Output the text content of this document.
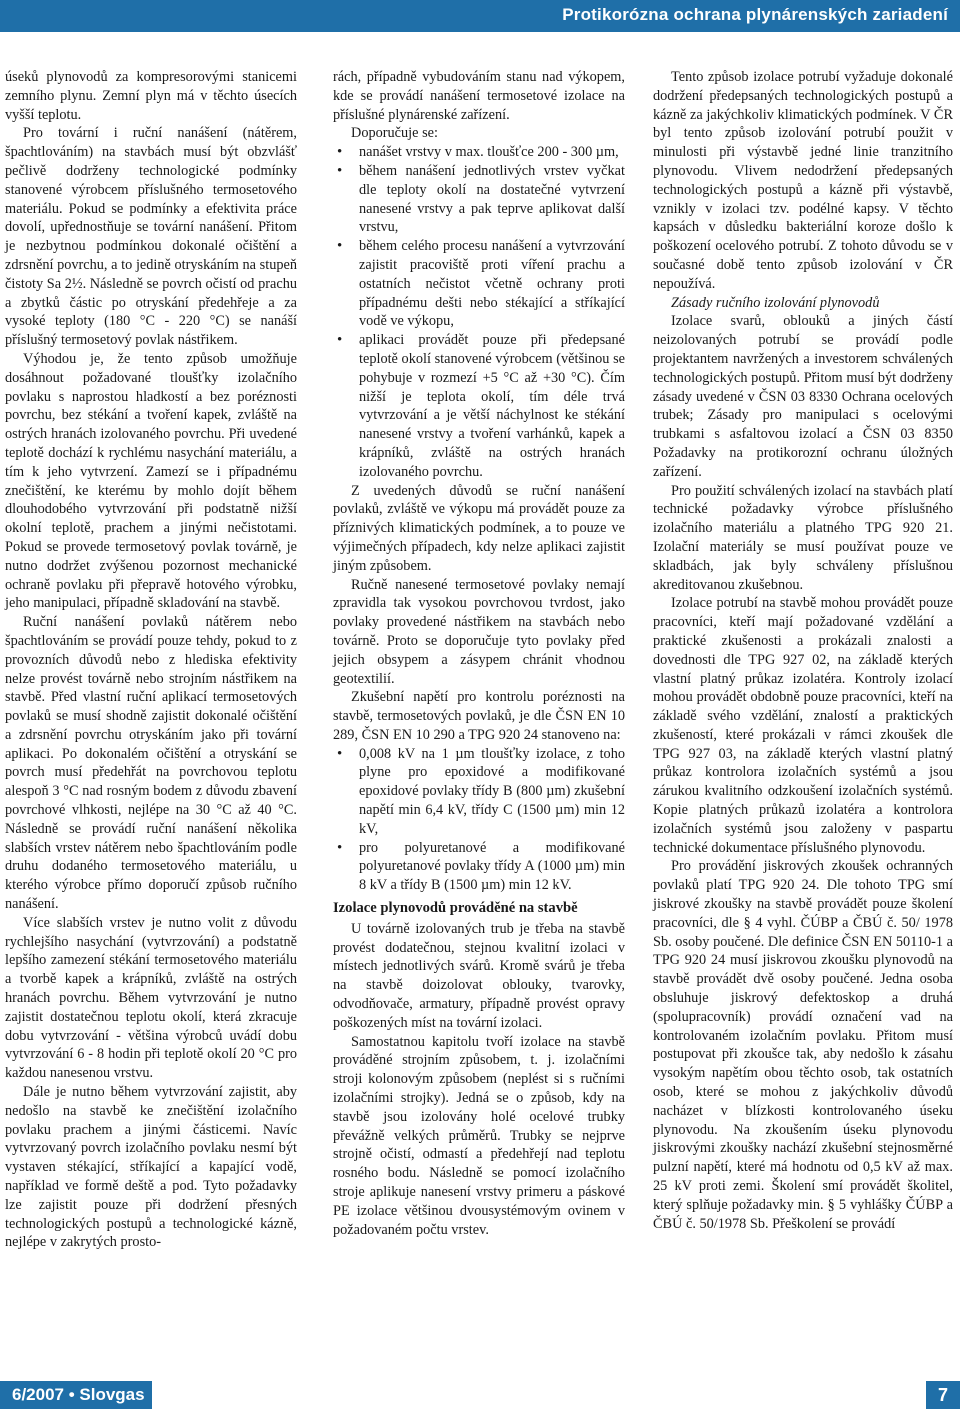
Protikorózna ochrana plynárenských zariadení

úseků plynovodů za kompresorovými stanicemi zemního plynu. Zemní plyn má v těchto úsecích vyšší teplotu.

Pro tovární i ruční nanášení (nátěrem, špachtlováním) na stavbách musí být obzvlášť pečlivě dodrženy technologické podmínky stanovené výrobcem příslušného termosetového materiálu. Pokud se podmínky a efektivita práce dovolí, upřednostňuje se tovární nanášení. Přitom je nezbytnou podmínkou dokonalé očištění a zdrsnění povrchu, a to jedině otryskáním na stupeň čistoty Sa 2½. Následně se povrch očistí od prachu a zbytků částic po otryskání předehřeje a za vysoké teploty (180 °C - 220 °C) se nanáší příslušný termosetový povlak nástřikem.

Výhodou je, že tento způsob umožňuje dosáhnout požadované tloušťky izolačního povlaku s naprostou hladkostí a bez poréznosti povrchu, bez stékání a tvoření kapek, zvláště na ostrých hranách izolovaného povrchu. Při uvedené teplotě dochází k rychlému nasychání materiálu, a tím k jeho vytvrzení. Zamezí se i případnému znečištění, ke kterému by mohlo dojít během dlouhodobého vytvrzování při podstatně nižší okolní teplotě, prachem a jinými nečistotami. Pokud se provede termosetový povlak továrně, je nutno dodržet zvýšenou pozornost mechanické ochraně povlaku při přepravě hotového výrobku, jeho manipulaci, případně skladování na stavbě.

Ruční nanášení povlaků nátěrem nebo špachtlováním se provádí pouze tehdy, pokud to z provozních důvodů nebo z hlediska efektivity nelze provést továrně nebo strojním nástřikem na stavbě. Před vlastní ruční aplikací termosetových povlaků se musí shodně zajistit dokonalé očištění a zdrsnění povrchu otryskáním jako při tovární aplikaci. Po dokonalém očištění a otryskání se povrch musí předehřát na povrchovou teplotu alespoň 3 °C nad rosným bodem z důvodu zbavení povrchové vlhkosti, nejlépe na 30 °C až 40 °C. Následně se provádí ruční nanášení několika slabších vrstev nátěrem nebo špachtlováním podle druhu dodaného termosetového materiálu, u kterého výrobce přímo doporučí způsob ručního nanášení.

Více slabších vrstev je nutno volit z důvodu rychlejšího nasychání (vytvrzování) a podstatně lepšího zamezení stékání termosetového materiálu a tvorbě kapek a krápníků, zvláště na ostrých hranách povrchu. Během vytvrzování je nutno zajistit dostatečnou teplotu okolí, která zkracuje dobu vytvrzování - většina výrobců uvádí dobu vytvrzování 6 - 8 hodin při teplotě okolí 20 °C pro každou nanesenou vrstvu.

Dále je nutno během vytvrzování zajistit, aby nedošlo na stavbě ke znečištění izolačního povlaku prachem a jinými částicemi. Navíc vytvrzovaný povrch izolačního povlaku nesmí být vystaven stékající, stříkající a kapající vodě, například ve formě deště a pod. Tyto požadavky lze zajistit pouze při dodržení přesných technologických postupů a technologické kázně, nejlépe v zakrytých prosto-

rách, případně vybudováním stanu nad výkopem, kde se provádí nanášení termosetové izolace na příslušné plynárenské zařízení.

Doporučuje se:

• nanášet vrstvy v max. tloušťce 200 - 300 µm,
• během nanášení jednotlivých vrstev vyčkat dle teploty okolí na dostatečné vytvrzení nanesené vrstvy a pak teprve aplikovat další vrstvu,
• během celého procesu nanášení a vytvrzování zajistit pracoviště proti víření prachu a ostatních nečistot včetně ochrany proti případnému dešti nebo stékající a stříkající vodě ve výkopu,
• aplikaci provádět pouze při předepsané teplotě okolí stanovené výrobcem (většinou se pohybuje v rozmezí +5 °C až +30 °C). Čím nižší je teplota okolí, tím déle trvá vytvrzování a je větší náchylnost ke stékání nanesené vrstvy a tvoření varhánků, kapek a krápníků, zvláště na ostrých hranách izolovaného povrchu.

Z uvedených důvodů se ruční nanášení povlaků, zvláště ve výkopu má provádět pouze za příznivých klimatických podmínek, a to pouze ve výjimečných případech, kdy nelze aplikaci zajistit jiným způsobem.

Ručně nanesené termosetové povlaky nemají zpravidla tak vysokou povrchovou tvrdost, jako povlaky provedené nástřikem na stavbách nebo továrně. Proto se doporučuje tyto povlaky před jejich obsypem a zásypem chránit vhodnou geotextilií.

Zkušební napětí pro kontrolu poréznosti na stavbě, termosetových povlaků, je dle ČSN EN 10 289, ČSN EN 10 290 a TPG 920 24 stanoveno na:

• 0,008 kV na 1 µm tloušťky izolace, z toho plyne pro epoxidové a modifikované epoxidové povlaky třídy B (800 µm) zkušební napětí min 6,4 kV, třídy C (1500 µm) min 12 kV,
• pro polyuretanové a modifikované polyuretanové povlaky třídy A (1000 µm) min 8 kV a třídy B (1500 µm) min 12 kV.
Izolace plynovodů prováděné na stavbě

U továrně izolovaných trub je třeba na stavbě provést dodatečnou, stejnou kvalitní izolaci v místech jednotlivých svárů. Kromě svárů je třeba na stavbě doizolovat oblouky, tvarovky, odvodňovače, armatury, případně provést opravy poškozených míst na tovární izolaci.

Samostatnou kapitolu tvoří izolace na stavbě prováděné strojním způsobem, t. j. izolačními stroji kolonovým způsobem (neplést si s ručními izolačními strojky). Jedná se o způsob, kdy na stavbě jsou izolovány holé ocelové trubky převážně velkých průměrů. Trubky se nejprve strojně očistí, odmastí a předehřejí nad teplotu rosného bodu. Následně se pomocí izolačního stroje aplikuje nanesení vrstvy primeru a páskové PE izolace většinou dvousystémovým ovinem v požadovaném počtu vrstev.

Tento způsob izolace potrubí vyžaduje dokonalé dodržení předepsaných technologických postupů a kázně za jakýchkoliv klimatických podmínek. V ČR byl tento způsob izolování potrubí použit v minulosti při výstavbě jedné linie tranzitního plynovodu. Vlivem nedodržení předepsaných technologických postupů a kázně při výstavbě, vznikly v izolaci tzv. podélné kapsy. V těchto kapsách v důsledku bakteriální koroze došlo k poškození ocelového potrubí. Z tohoto důvodu se v současné době tento způsob izolování v ČR nepoužívá.

Zásady ručního izolování plynovodů

Izolace svarů, oblouků a jiných částí neizolovaných potrubí se provádí podle projektantem navržených a investorem schválených technologických postupů. Přitom musí být dodrženy zásady uvedené v ČSN 03 8330 Ochrana ocelových trubek; Zásady pro manipulaci s ocelovými trubkami s asfaltovou izolací a ČSN 03 8350 Požadavky na protikorozní ochranu úložných zařízení.

Pro použití schválených izolací na stavbách platí technické požadavky výrobce příslušného izolačního materiálu a platného TPG 920 21. Izolační materiály se musí používat pouze ve skladbách, jak byly schváleny příslušnou akreditovanou zkušebnou.

Izolace potrubí na stavbě mohou provádět pouze pracovníci, kteří mají požadované vzdělání a praktické zkušenosti a prokázali znalosti a dovednosti dle TPG 927 02, na základě kterých vlastní platný průkaz izolatéra. Kontroly izolací mohou provádět obdobně pouze pracovníci, kteří na základě svého vzdělání, znalostí a praktických zkušeností, které prokázali v rámci zkoušek dle TPG 927 03, na základě kterých vlastní platný průkaz kontrolora izolačních systémů a jsou zárukou kvalitního odzkoušení izolačních systémů. Kopie platných průkazů izolatéra a kontrolora izolačních systémů jsou založeny v paspartu technické dokumentace příslušného plynovodu.

Pro provádění jiskrových zkoušek ochranných povlaků platí TPG 920 24. Dle tohoto TPG smí jiskrové zkoušky na stavbě provádět pouze školení pracovníci, dle § 4 vyhl. ČÚBP a ČBÚ č. 50/ 1978 Sb. osoby poučené. Dle definice ČSN EN 50110-1 a TPG 920 24 musí jiskrovou zkoušku plynovodů na stavbě provádět dvě osoby poučené. Jedna osoba obsluhuje jiskrový defektoskop a druhá (spolupracovník) provádí označení vad na kontrolovaném izolačním povlaku. Přitom musí postupovat při zkoušce tak, aby nedošlo k zásahu vysokým napětím obou těchto osob, tak ostatních osob, které se mohou z jakýchkoliv důvodů nacházet v blízkosti kontrolovaného úseku plynovodu. Na zkoušením úseku plynovodu jiskrovými zkoušky nachází zkušební stejnosměrné pulzní napětí, které má hodnotu od 0,5 kV až max. 25 kV proti zemi. Školení smí provádět školitel, který splňuje požadavky min. § 5 vyhlášky ČÚBP a ČBÚ č. 50/1978 Sb. Přeškolení se provádí

6/2007 • Slovgas	7
